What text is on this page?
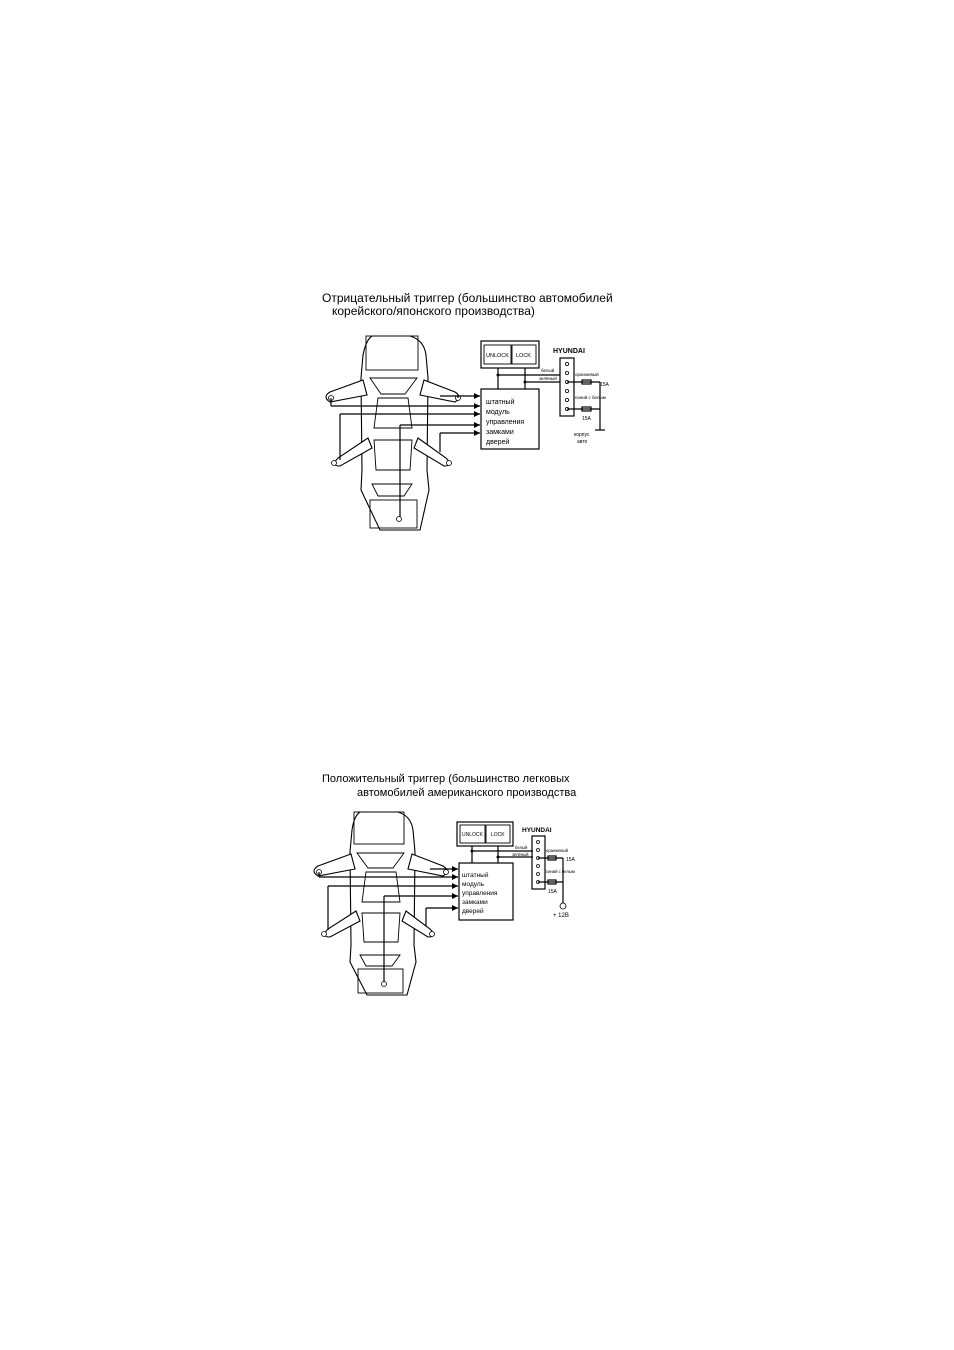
Отрицательный триггер (большинство автомобилей
корейского/японского производства)
штатный
модуль
управления
замками
дверей
UNLOCK LOCK
HYUNDAI
белый
зелёный
оранжевый
15А
синий с белым
15А
корпус
авто
Положительный триггер (большинство легковых
автомобилей американского производства
штатный
модуль
управления
замками
дверей
UNLOCK LOCK
HYUNDAI
белый
зелёный
оранжевый
15А
синий с белым
15А
+ 12В
